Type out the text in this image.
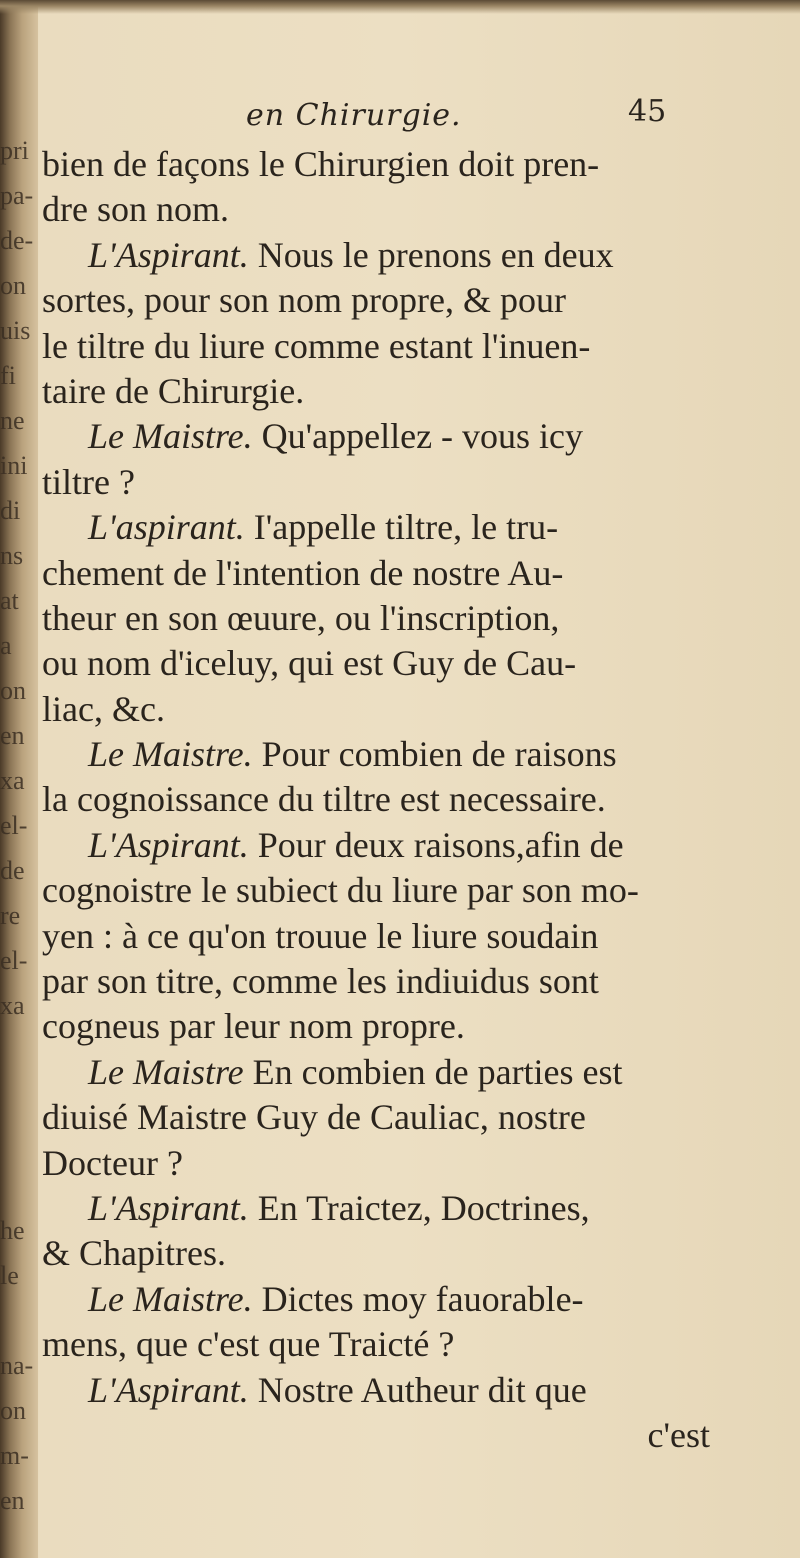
pri
pa-
de-
on
uis
fi
ne
ini
di
ns
at
a
on
en
xa
el-
de
re
el-
xa
he
le
na-
on
m-
en
en Chirurgie.	45
bien de façons le Chirurgien doit pren-
dre son nom.
L'Aspirant. Nous le prenons en deux
sortes, pour son nom propre, & pour
le tiltre du liure comme estant l'inuen-
taire de Chirurgie.
Le Maistre. Qu'appellez - vous icy
tiltre ?
L'aspirant. I'appelle tiltre, le tru-
chement de l'intention de nostre Au-
theur en son œuure, ou l'inscription,
ou nom d'iceluy, qui est Guy de Cau-
liac, &c.
Le Maistre. Pour combien de raisons
la cognoissance du tiltre est necessaire.
L'Aspirant. Pour deux raisons,afin de
cognoistre le subiect du liure par son mo-
yen : à ce qu'on trouue le liure soudain
par son titre, comme les indiuidus sont
cogneus par leur nom propre.
Le Maistre En combien de parties est
diuisé Maistre Guy de Cauliac, nostre
Docteur ?
L'Aspirant. En Traictez, Doctrines,
& Chapitres.
Le Maistre. Dictes moy fauorable-
mens, que c'est que Traicté ?
L'Aspirant. Nostre Autheur dit que
c'est
